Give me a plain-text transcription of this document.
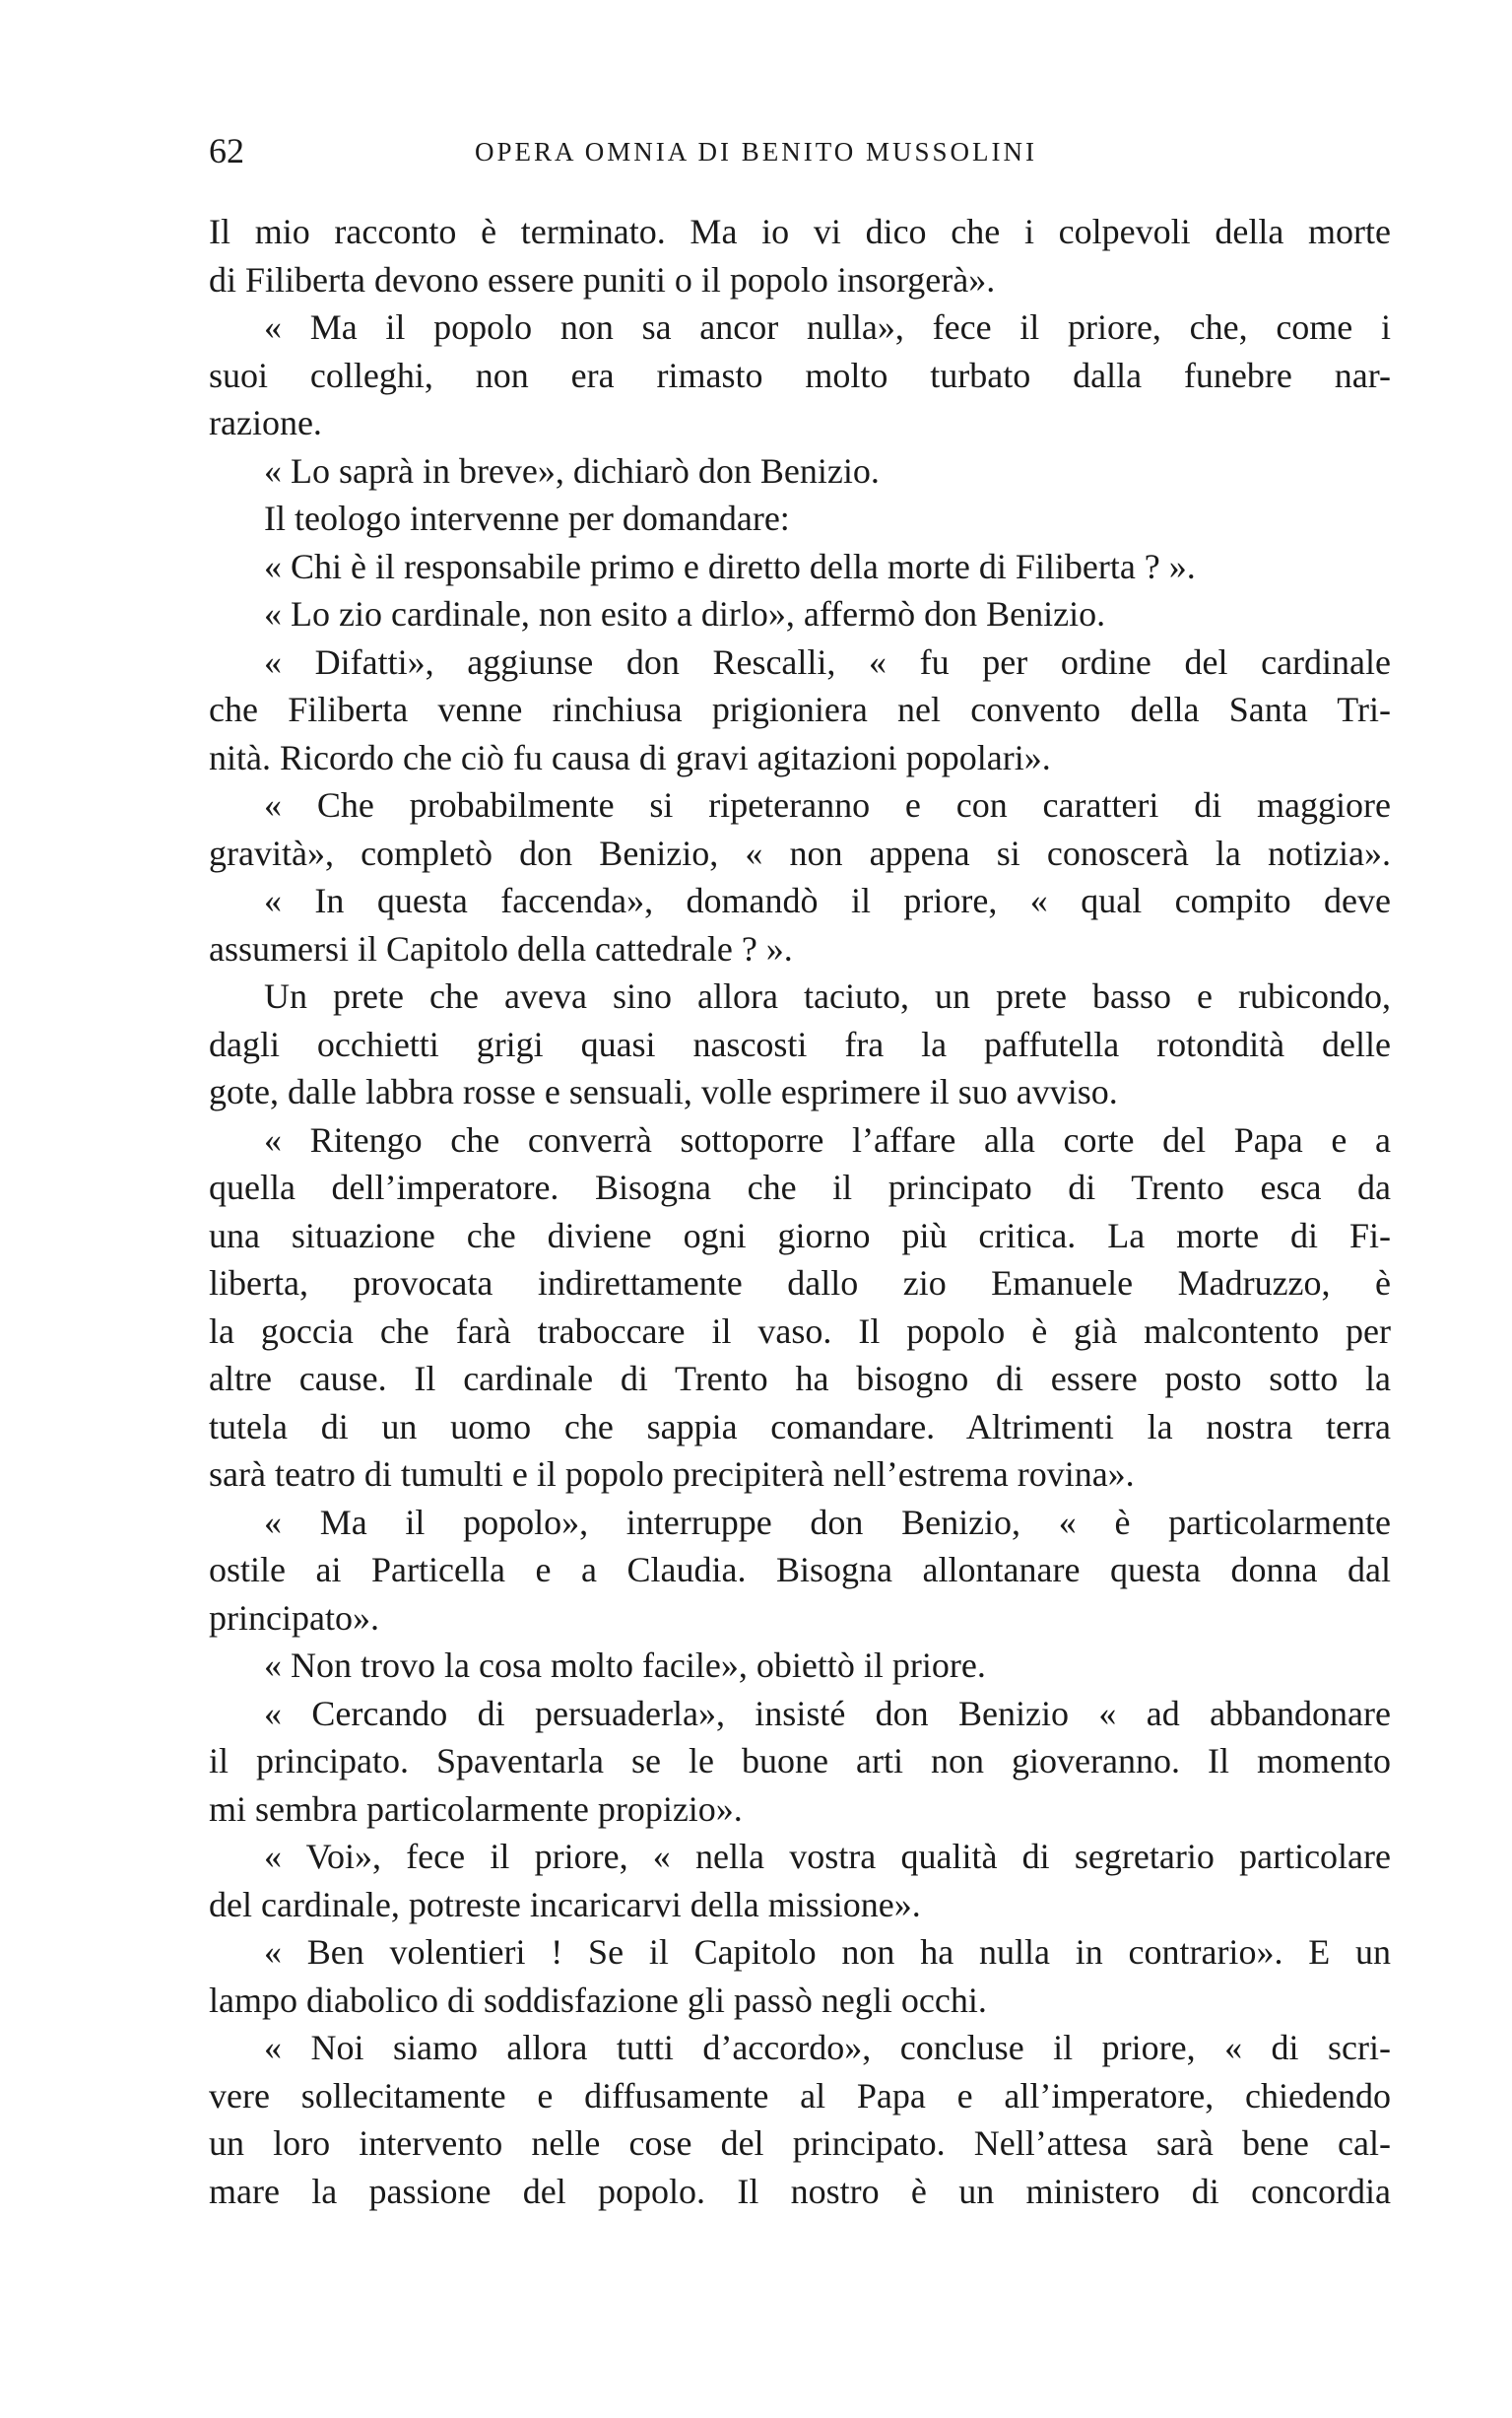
62	OPERA OMNIA DI BENITO MUSSOLINI
Il mio racconto è terminato. Ma io vi dico che i colpevoli della morte
di Filiberta devono essere puniti o il popolo insorgerà».
« Ma il popolo non sa ancor nulla», fece il priore, che, come i
suoi colleghi, non era rimasto molto turbato dalla funebre nar-
razione.
« Lo saprà in breve», dichiarò don Benizio.
Il teologo intervenne per domandare:
« Chi è il responsabile primo e diretto della morte di Filiberta ? ».
« Lo zio cardinale, non esito a dirlo», affermò don Benizio.
« Difatti», aggiunse don Rescalli, « fu per ordine del cardinale
che Filiberta venne rinchiusa prigioniera nel convento della Santa Tri-
nità. Ricordo che ciò fu causa di gravi agitazioni popolari».
« Che probabilmente si ripeteranno e con caratteri di maggiore
gravità», completò don Benizio, « non appena si conoscerà la notizia».
« In questa faccenda», domandò il priore, « qual compito deve
assumersi il Capitolo della cattedrale ? ».
Un prete che aveva sino allora taciuto, un prete basso e rubicondo,
dagli occhietti grigi quasi nascosti fra la paffutella rotondità delle
gote, dalle labbra rosse e sensuali, volle esprimere il suo avviso.
« Ritengo che converrà sottoporre l’affare alla corte del Papa e a
quella dell’imperatore. Bisogna che il principato di Trento esca da
una situazione che diviene ogni giorno più critica. La morte di Fi-
liberta, provocata indirettamente dallo zio Emanuele Madruzzo, è
la goccia che farà traboccare il vaso. Il popolo è già malcontento per
altre cause. Il cardinale di Trento ha bisogno di essere posto sotto la
tutela di un uomo che sappia comandare. Altrimenti la nostra terra
sarà teatro di tumulti e il popolo precipiterà nell’estrema rovina».
« Ma il popolo», interruppe don Benizio, « è particolarmente
ostile ai Particella e a Claudia. Bisogna allontanare questa donna dal
principato».
« Non trovo la cosa molto facile», obiettò il priore.
« Cercando di persuaderla», insisté don Benizio « ad abbandonare
il principato. Spaventarla se le buone arti non gioveranno. Il momento
mi sembra particolarmente propizio».
« Voi», fece il priore, « nella vostra qualità di segretario particolare
del cardinale, potreste incaricarvi della missione».
« Ben volentieri ! Se il Capitolo non ha nulla in contrario». E un
lampo diabolico di soddisfazione gli passò negli occhi.
« Noi siamo allora tutti d’accordo», concluse il priore, « di scri-
vere sollecitamente e diffusamente al Papa e all’imperatore, chiedendo
un loro intervento nelle cose del principato. Nell’attesa sarà bene cal-
mare la passione del popolo. Il nostro è un ministero di concordia
